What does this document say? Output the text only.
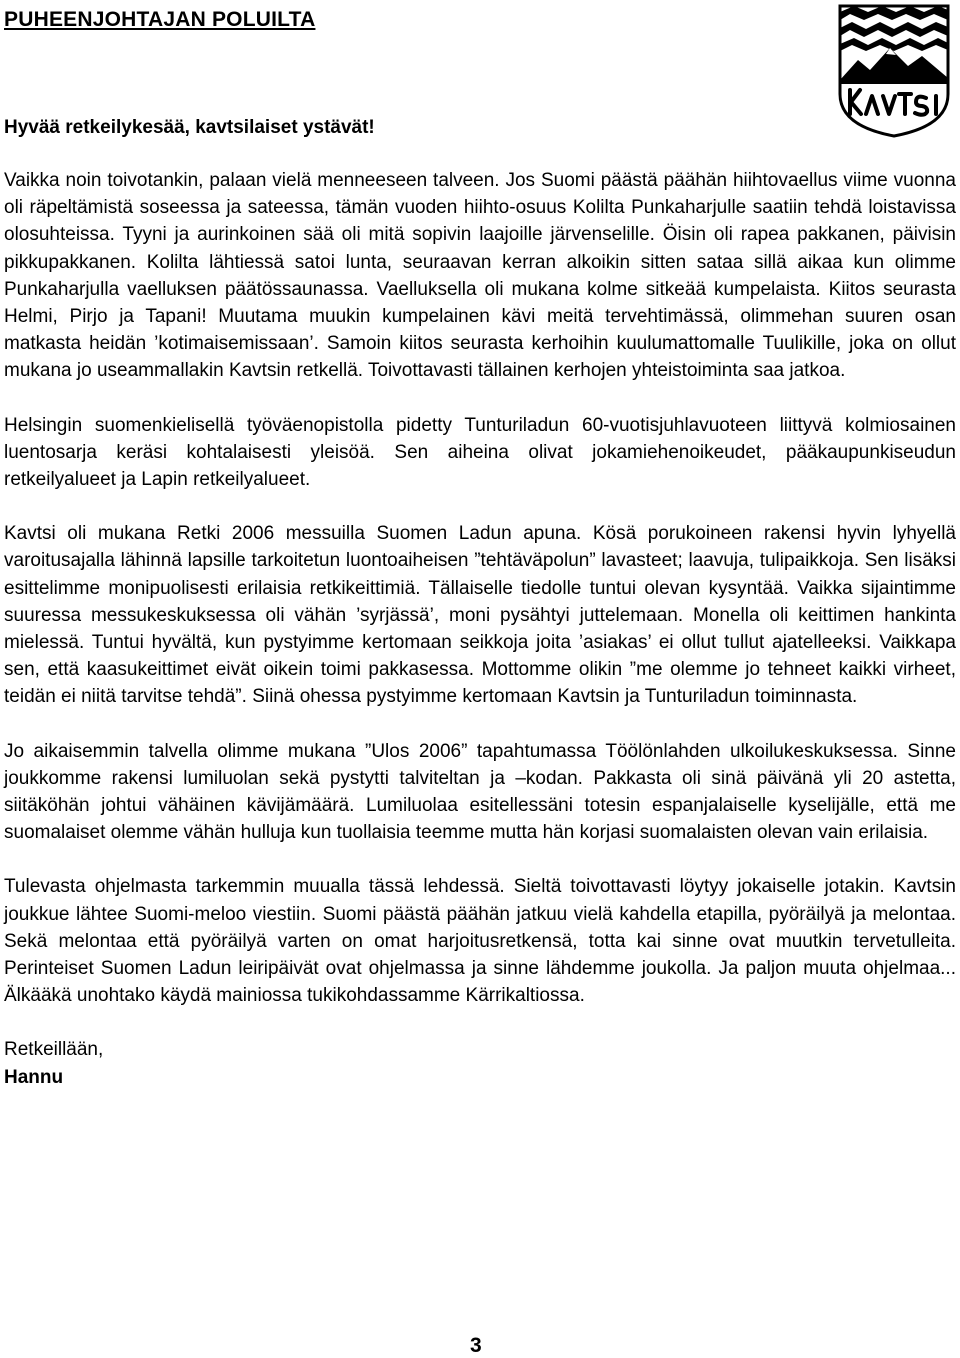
PUHEENJOHTAJAN POLUILTA

Hyvää retkeilykesää, kavtsilaiset ystävät!

Vaikka noin toivotankin, palaan vielä menneeseen talveen. Jos Suomi päästä päähän hiihtovaellus viime vuonna oli räpeltämistä soseessa ja sateessa, tämän vuoden hiihto-osuus Kolilta Punkaharjulle saatiin tehdä loistavissa olosuhteissa. Tyyni ja aurinkoinen sää oli mitä sopivin laajoille järvenselille. Öisin oli rapea pakkanen, päivisin pikkupakkanen. Kolilta lähtiessä satoi lunta, seuraavan kerran alkoikin sitten sataa sillä aikaa kun olimme Punkaharjulla vaelluksen päätössaunassa. Vaelluksella oli mukana kolme sitkeää kumpelaista. Kiitos seurasta Helmi, Pirjo ja Tapani! Muutama muukin kumpelainen kävi meitä tervehtimässä, olimmehan suuren osan matkasta heidän ’kotimaisemissaan’. Samoin kiitos seurasta kerhoihin kuulumattomalle Tuulikille, joka on ollut mukana jo useammallakin Kavtsin retkellä. Toivottavasti tällainen kerhojen yhteistoiminta saa jatkoa.

Helsingin suomenkielisellä työväenopistolla pidetty Tunturiladun 60-vuotisjuhlavuoteen liittyvä kolmiosainen luentosarja keräsi kohtalaisesti yleisöä. Sen aiheina olivat jokamiehenoikeudet, pääkaupunkiseudun retkeilyalueet ja Lapin retkeilyalueet.

Kavtsi oli mukana Retki 2006 messuilla Suomen Ladun apuna. Kösä porukoineen rakensi hyvin lyhyellä varoitusajalla lähinnä lapsille tarkoitetun luontoaiheisen ”tehtäväpolun” lavasteet; laavuja, tulipaikkoja. Sen lisäksi esittelimme monipuolisesti erilaisia retkikeittimiä. Tällaiselle tiedolle tuntui olevan kysyntää. Vaikka sijaintimme suuressa messukeskuksessa oli vähän ’syrjässä’, moni pysähtyi juttelemaan. Monella oli keittimen hankinta mielessä. Tuntui hyvältä, kun pystyimme kertomaan seikkoja joita ’asiakas’ ei ollut tullut ajatelleeksi. Vaikkapa sen, että kaasukeittimet eivät oikein toimi pakkasessa. Mottomme olikin ”me olemme jo tehneet kaikki virheet, teidän ei niitä tarvitse tehdä”. Siinä ohessa pystyimme kertomaan Kavtsin ja Tunturiladun toiminnasta.

Jo aikaisemmin talvella olimme mukana ”Ulos 2006” tapahtumassa Töölönlahden ulkoilukeskuksessa. Sinne joukkomme rakensi lumiluolan sekä pystytti talviteltan ja –kodan. Pakkasta oli sinä päivänä yli 20 astetta, siitäköhän johtui vähäinen kävijämäärä. Lumiluolaa esitellessäni totesin espanjalaiselle kyselijälle, että me suomalaiset olemme vähän hulluja kun tuollaisia teemme mutta hän korjasi suomalaisten olevan vain erilaisia.

Tulevasta ohjelmasta tarkemmin muualla tässä lehdessä. Sieltä toivottavasti löytyy jokaiselle jotakin. Kavtsin joukkue lähtee Suomi-meloo viestiin. Suomi päästä päähän jatkuu vielä kahdella etapilla, pyöräilyä ja melontaa. Sekä melontaa että pyöräilyä varten on omat harjoitusretkensä, totta kai sinne ovat muutkin tervetulleita. Perinteiset Suomen Ladun leiripäivät ovat ohjelmassa ja sinne lähdemme joukolla. Ja paljon muuta ohjelmaa... Älkääkä unohtako käydä mainiossa tukikohdassamme Kärrikaltiossa.

Retkeillään,

Hannu

3
